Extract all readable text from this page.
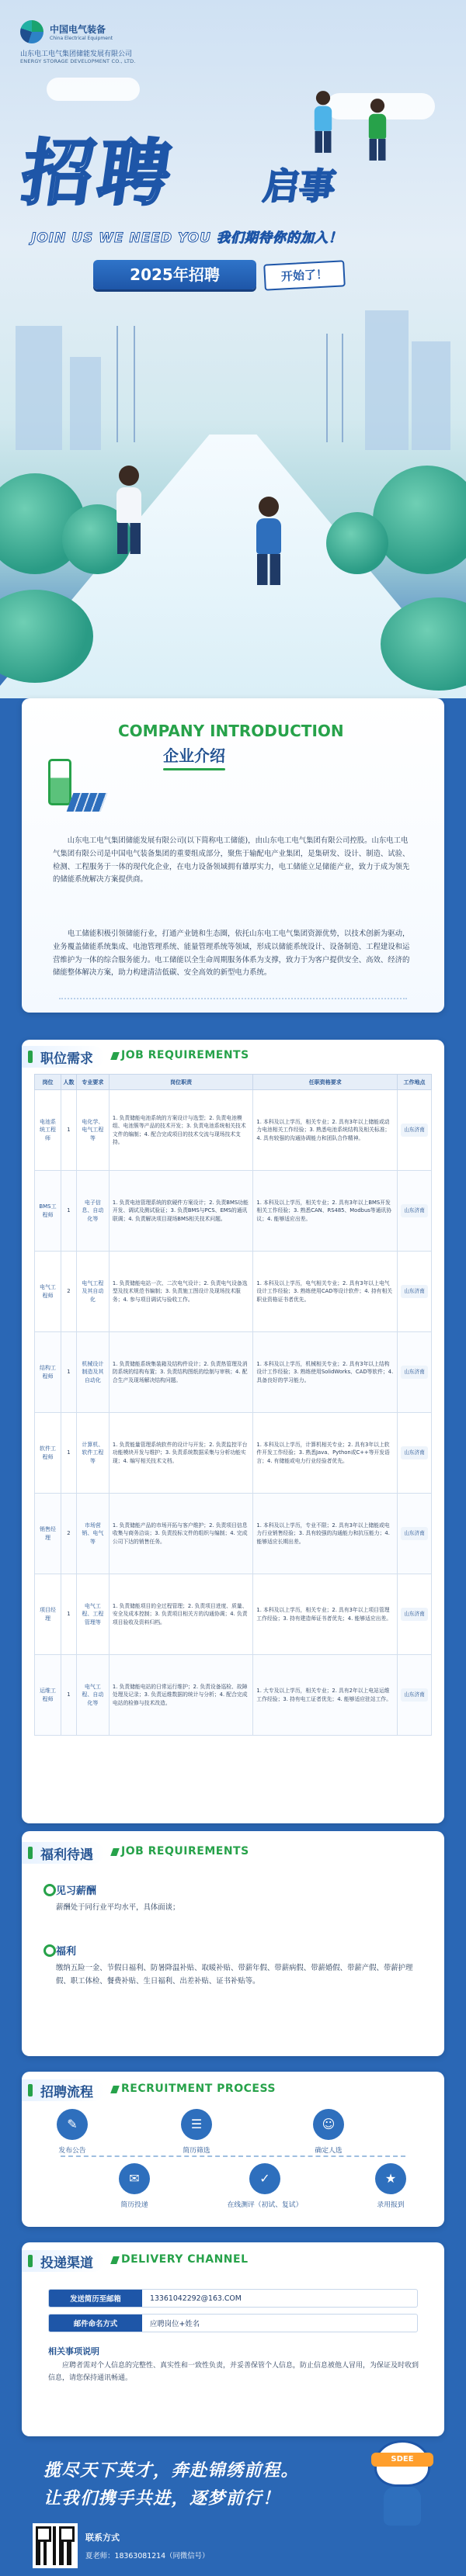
中国电气装备
China Electrical Equipment
山东电工电气集团储能发展有限公司
ENERGY STORAGE DEVELOPMENT CO., LTD.
招聘 启事
JOIN US WE NEED YOU 我们期待你的加入！
2025年招聘	开始了！
COMPANY INTRODUCTION
企业介绍
山东电工电气集团储能发展有限公司(以下简称电工储能)，由山东电工电气集团有限公司控股。山东电工电气集团有限公司是中国电气装备集团的重要组成部分，聚焦于输配电产业集团，是集研发、设计、制造、试验、检测、工程服务于一体的现代化企业，在电力设备领域拥有雄厚实力，电工储能立足储能产业，致力于成为领先的储能系统解决方案提供商。
电工储能积极引领储能行业，打通产业链和生态圈，依托山东电工电气集团资源优势，以技术创新为驱动，业务覆盖储能系统集成、电池管理系统、能量管理系统等领域，形成以储能系统设计、设备制造、工程建设和运营维护为一体的综合服务能力。电工储能以全生命周期服务体系为支撑，致力于为客户提供安全、高效、经济的储能整体解决方案，助力构建清洁低碳、安全高效的新型电力系统。
职位需求	JOB REQUIREMENTS
岗位	人数	专业要求	岗位职责	任职资格要求	工作地点
电池系统工程师	1	电化学、电气工程等	1. 负责储能电池系统的方案设计与选型；2. 负责电池模组、电池簇等产品的技术开发；3. 负责电池系统相关技术文件的编制；4. 配合完成项目的技术交流与现场技术支持。	1. 本科及以上学历，相关专业；2. 具有3年以上储能或动力电池相关工作经验；3. 熟悉电池系统结构及相关标准；4. 具有较强的沟通协调能力和团队合作精神。	山东济南
BMS工程师	1	电子信息、自动化等	1. 负责电池管理系统的软硬件方案设计；2. 负责BMS功能开发、调试及测试验证；3. 负责BMS与PCS、EMS的通讯联调；4. 负责解决项目现场BMS相关技术问题。	1. 本科及以上学历，相关专业；2. 具有3年以上BMS开发相关工作经验；3. 熟悉CAN、RS485、Modbus等通讯协议；4. 能够适应出差。	山东济南
电气工程师	2	电气工程及其自动化	1. 负责储能电站一次、二次电气设计；2. 负责电气设备选型及技术规范书编制；3. 负责施工图设计及现场技术服务；4. 参与项目调试与验收工作。	1. 本科及以上学历，电气相关专业；2. 具有3年以上电气设计工作经验；3. 熟练使用CAD等设计软件；4. 持有相关职业资格证书者优先。	山东济南
结构工程师	1	机械设计制造及其自动化	1. 负责储能系统集装箱及结构件设计；2. 负责热管理及消防系统的结构布置；3. 负责结构图纸的绘制与审核；4. 配合生产及现场解决结构问题。	1. 本科及以上学历，机械相关专业；2. 具有3年以上结构设计工作经验；3. 熟练使用SolidWorks、CAD等软件；4. 具备良好的学习能力。	山东济南
软件工程师	1	计算机、软件工程等	1. 负责能量管理系统软件的设计与开发；2. 负责监控平台功能模块开发与维护；3. 负责系统数据采集与分析功能实现；4. 编写相关技术文档。	1. 本科及以上学历，计算机相关专业；2. 具有3年以上软件开发工作经验；3. 熟悉Java、Python或C++等开发语言；4. 有储能或电力行业经验者优先。	山东济南
销售经理	2	市场营销、电气等	1. 负责储能产品的市场开拓与客户维护；2. 负责项目信息收集与商务洽谈；3. 负责投标文件的组织与编制；4. 完成公司下达的销售任务。	1. 本科及以上学历，专业不限；2. 具有3年以上储能或电力行业销售经验；3. 具有较强的沟通能力和抗压能力；4. 能够适应长期出差。	山东济南
项目经理	1	电气工程、工程管理等	1. 负责储能项目的全过程管理；2. 负责项目进度、质量、安全及成本控制；3. 负责项目相关方的沟通协调；4. 负责项目验收及资料归档。	1. 本科及以上学历，相关专业；2. 具有3年以上项目管理工作经验；3. 持有建造师证书者优先；4. 能够适应出差。	山东济南
运维工程师	1	电气工程、自动化等	1. 负责储能电站的日常运行维护；2. 负责设备巡检、故障处理及记录；3. 负责运维数据的统计与分析；4. 配合完成电站的检修与技术改造。	1. 大专及以上学历，相关专业；2. 具有2年以上电站运维工作经验；3. 持有电工证者优先；4. 能够适应驻站工作。	山东济南
福利待遇	JOB REQUIREMENTS
见习薪酬
薪酬处于同行业平均水平，具体面谈；
福利
缴纳五险一金、节假日福利、防暑降温补贴、取暖补贴、带薪年假、带薪病假、带薪婚假、带薪产假、带薪护理假、职工体检、餐费补贴、生日福利、出差补贴、证书补贴等。
招聘流程	RECRUITMENT PROCESS
✎
发布公告
✉
简历投递
☰
简历筛选
✓
在线测评（初试、复试）
☺
确定人选
★
录用报到
投递渠道	DELIVERY CHANNEL
发送简历至邮箱	13361042292@163.COM
邮件命名方式	应聘岗位+姓名
相关事项说明
应聘者需对个人信息的完整性、真实性和一致性负责，并妥善保管个人信息，防止信息被他人冒用，为保证及时收到信息，请您保持通讯畅通。
揽尽天下英才，奔赴锦绣前程。
让我们携手共进，逐梦前行！
SDEE
联系方式
夏老师：18363081214（同微信号）
